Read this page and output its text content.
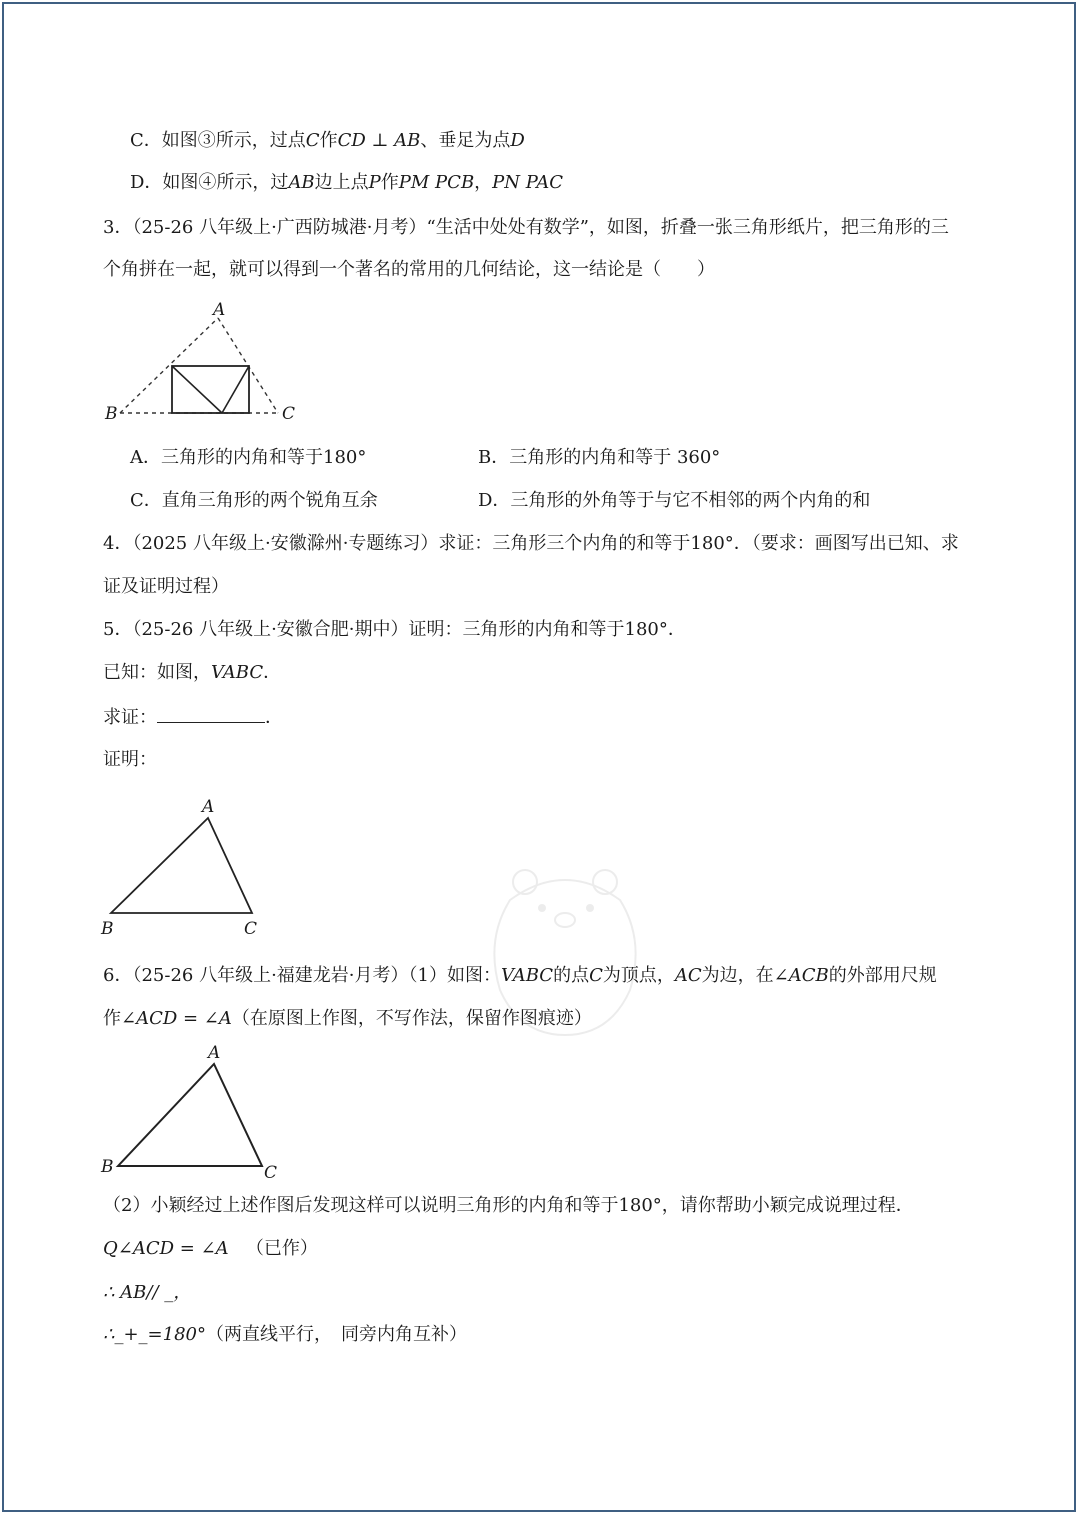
C．如图③所示，过点C作CD ⊥ AB、垂足为点D
D．如图④所示，过AB边上点P作PM PCB，PN PAC
3．（25-26 八年级上·广西防城港·月考）“生活中处处有数学”，如图，折叠一张三角形纸片，把三角形的三
个角拼在一起，就可以得到一个著名的常用的几何结论，这一结论是（　　）
A
B	C
A．三角形的内角和等于180°	B．三角形的内角和等于 360°
C．直角三角形的两个锐角互余	D．三角形的外角等于与它不相邻的两个内角的和
4．（2025 八年级上·安徽滁州·专题练习）求证：三角形三个内角的和等于180°．（要求：画图写出已知、求
证及证明过程）
5．（25-26 八年级上·安徽合肥·期中）证明：三角形的内角和等于180°．
已知：如图，VABC．
求证：	．
证明：
A
B	C
6．（25-26 八年级上·福建龙岩·月考）（1）如图：VABC的点C为顶点，AC为边，在∠ACB的外部用尺规
作∠ACD = ∠A（在原图上作图，不写作法，保留作图痕迹）
A
B	C
（2）小颖经过上述作图后发现这样可以说明三角形的内角和等于180°，请你帮助小颖完成说理过程．
Q∠ACD = ∠A （已作）
∴ AB// _，
∴_+_=180°（两直线平行，　同旁内角互补）
